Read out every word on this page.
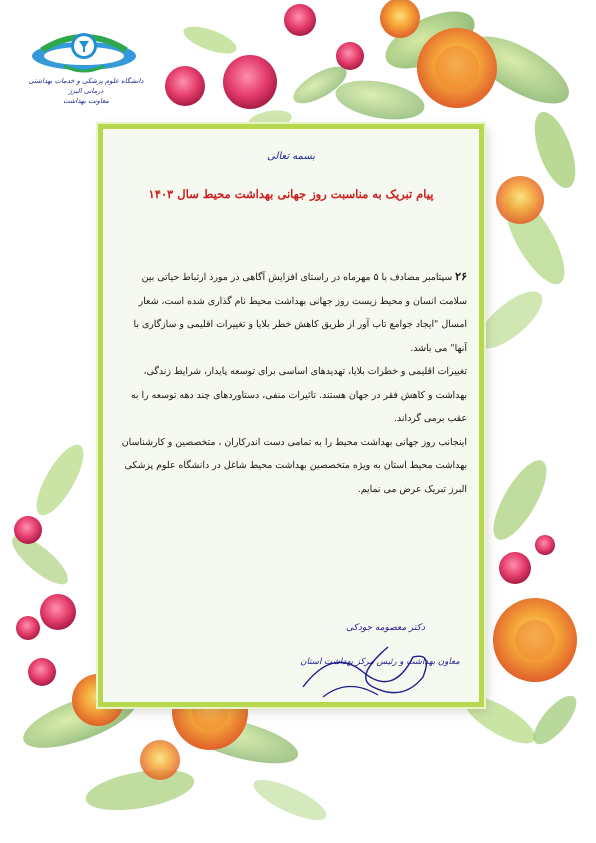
دانشگاه علوم پزشکی و خدمات بهداشتی درمانی البرز
معاونت بهداشت
بسمه تعالی
پیام تبریک به مناسبت روز جهانی بهداشت محیط سال ۱۴۰۳

۲۶ سپتامبر مصادف با ۵ مهرماه در راستای افزایش آگاهی در مورد ارتباط حیاتی بین سلامت انسان و محیط زیست روز جهانی بهداشت محیط نام گذاری شده است، شعار امسال "ایجاد جوامع تاب آور از طریق کاهش خطر بلایا و تغییرات اقلیمی و سازگاری با آنها" می باشد.

تغییرات اقلیمی و خطرات بلایا، تهدیدهای اساسی برای توسعه پایدار، شرایط زندگی، بهداشت و کاهش فقر در جهان هستند. تاثیرات منفی، دستاوردهای چند دهه توسعه را به عقب برمی گرداند.

اینجانب روز جهانی بهداشت محیط را به تمامی دست اندرکاران ، متخصصین و کارشناسان بهداشت محیط استان به ویژه متخصصین بهداشت محیط شاغل در دانشگاه علوم پزشکی البرز تبریک عرض می نمایم.

دکتر معصومه جودکی
معاون بهداشت و رئیس مرکز بهداشت استان
